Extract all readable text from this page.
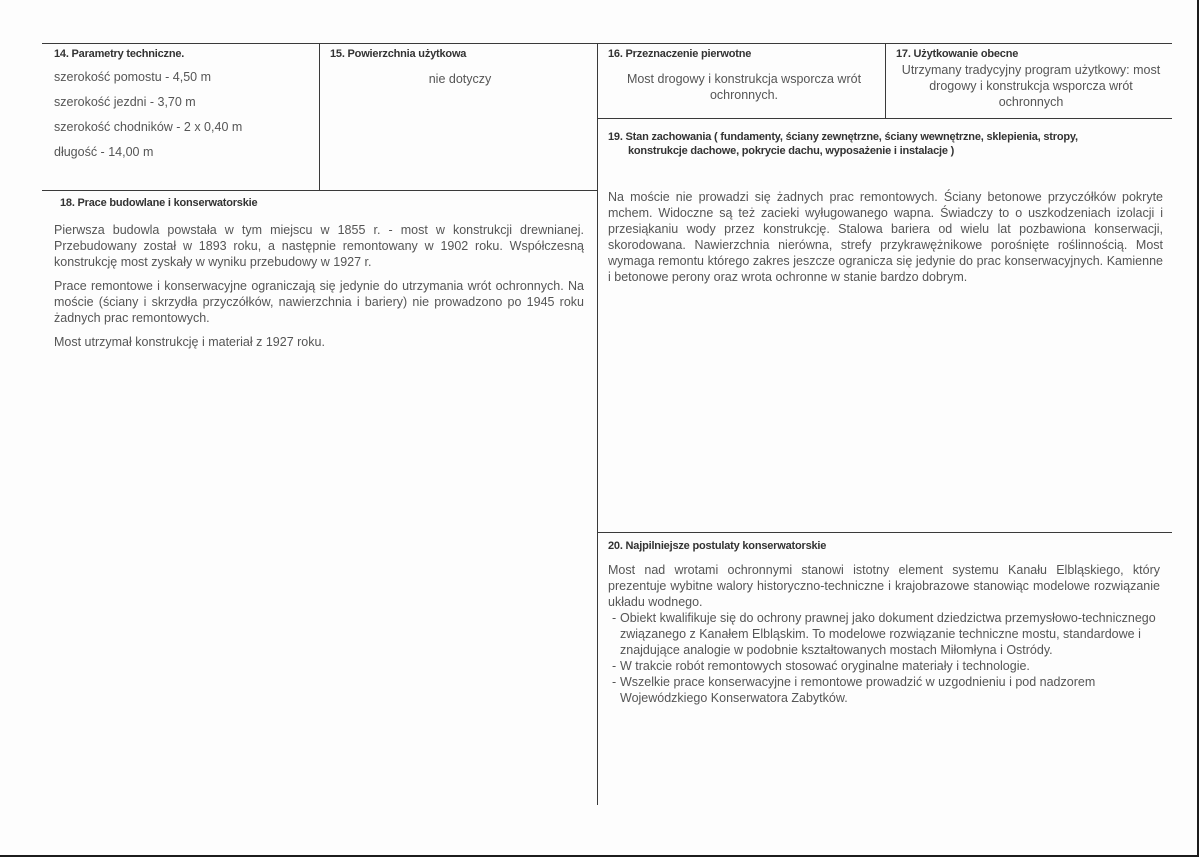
14. Parametry techniczne.
szerokość pomostu - 4,50 m
szerokość jezdni - 3,70 m
szerokość chodników - 2 x 0,40 m
długość - 14,00 m
15. Powierzchnia użytkowa
nie dotyczy
16. Przeznaczenie pierwotne
Most drogowy i konstrukcja wsporcza wrót ochronnych.
17. Użytkowanie obecne
Utrzymany tradycyjny program użytkowy: most drogowy i konstrukcja wsporcza wrót ochronnych
19. Stan zachowania ( fundamenty, ściany zewnętrzne, ściany wewnętrzne, sklepienia, stropy,
konstrukcje dachowe, pokrycie dachu, wyposażenie i instalacje )

Na moście nie prowadzi się żadnych prac remontowych. Ściany betonowe przyczółków pokryte mchem. Widoczne są też zacieki wyługowanego wapna. Świadczy to o uszkodzeniach izolacji i przesiąkaniu wody przez konstrukcję. Stalowa bariera od wielu lat pozbawiona konserwacji, skorodowana. Nawierzchnia nierówna, strefy przykrawężnikowe porośnięte roślinnością. Most wymaga remontu którego zakres jeszcze ogranicza się jedynie do prac konserwacyjnych. Kamienne i betonowe perony oraz wrota ochronne w stanie bardzo dobrym.

18. Prace budowlane i konserwatorskie

Pierwsza budowla powstała w tym miejscu w 1855 r. - most w konstrukcji drewnianej. Przebudowany został w 1893 roku, a następnie remontowany w 1902 roku. Współczesną konstrukcję most zyskały w wyniku przebudowy w 1927 r.

Prace remontowe i konserwacyjne ograniczają się jedynie do utrzymania wrót ochronnych. Na moście (ściany i skrzydła przyczółków, nawierzchnia i bariery) nie prowadzono po 1945 roku żadnych prac remontowych.

Most utrzymał konstrukcję i materiał z 1927 roku.

20. Najpilniejsze postulaty konserwatorskie

Most nad wrotami ochronnymi stanowi istotny element systemu Kanału Elbląskiego, który prezentuje wybitne walory historyczno-techniczne i krajobrazowe stanowiąc modelowe rozwiązanie układu wodnego.

- Obiekt kwalifikuje się do ochrony prawnej jako dokument dziedzictwa przemysłowo-technicznego związanego z Kanałem Elbląskim. To modelowe rozwiązanie techniczne mostu, standardowe i znajdujące analogie w podobnie kształtowanych mostach Miłomłyna i Ostródy.
- W trakcie robót remontowych stosować oryginalne materiały i technologie.
- Wszelkie prace konserwacyjne i remontowe prowadzić w uzgodnieniu i pod nadzorem Wojewódzkiego Konserwatora Zabytków.
